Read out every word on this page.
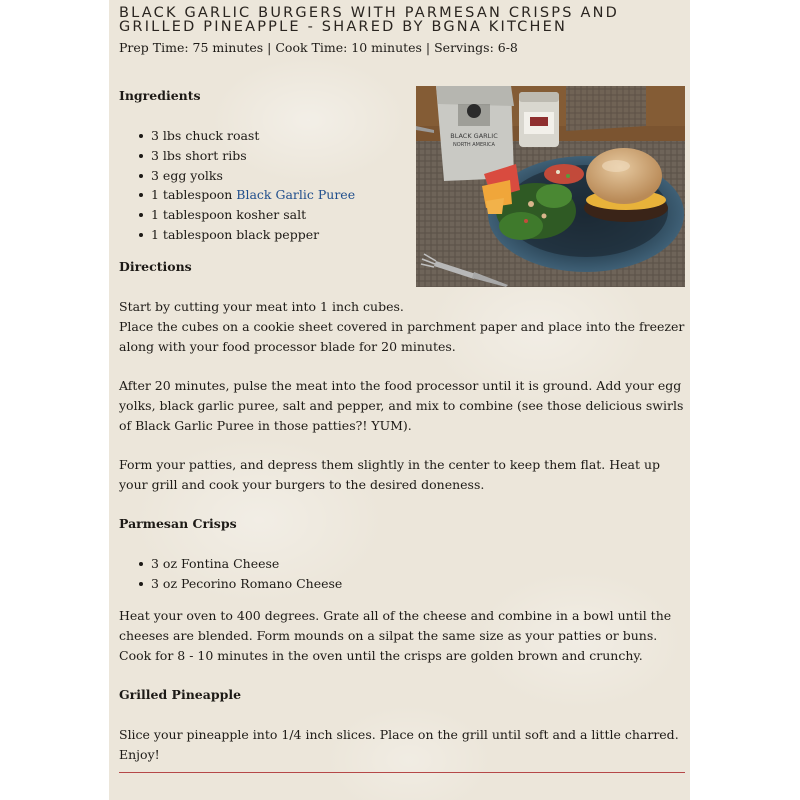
BLACK GARLIC BURGERS WITH PARMESAN CRISPS AND GRILLED PINEAPPLE - SHARED BY BGNA KITCHEN
Prep Time: 75 minutes | Cook Time: 10 minutes | Servings: 6-8
Ingredients
3 lbs chuck roast
3 lbs short ribs
3 egg yolks
1 tablespoon Black Garlic Puree
1 tablespoon kosher salt
1 tablespoon black pepper
BLACK GARLIC
NORTH AMERICA
Directions

Start by cutting your meat into 1 inch cubes.
Place the cubes on a cookie sheet covered in parchment paper and place into the freezer along with your food processor blade for 20 minutes.

After 20 minutes, pulse the meat into the food processor until it is ground. Add your egg yolks, black garlic puree, salt and pepper, and mix to combine (see those delicious swirls of Black Garlic Puree in those patties?! YUM).

Form your patties, and depress them slightly in the center to keep them flat. Heat up your grill and cook your burgers to the desired doneness.

Parmesan Crisps
3 oz Fontina Cheese
3 oz Pecorino Romano Cheese

Heat your oven to 400 degrees. Grate all of the cheese and combine in a bowl until the cheeses are blended. Form mounds on a silpat the same size as your patties or buns. Cook for 8 - 10 minutes in the oven until the crisps are golden brown and crunchy.

Grilled Pineapple

Slice your pineapple into 1/4 inch slices. Place on the grill until soft and a little charred. Enjoy!
